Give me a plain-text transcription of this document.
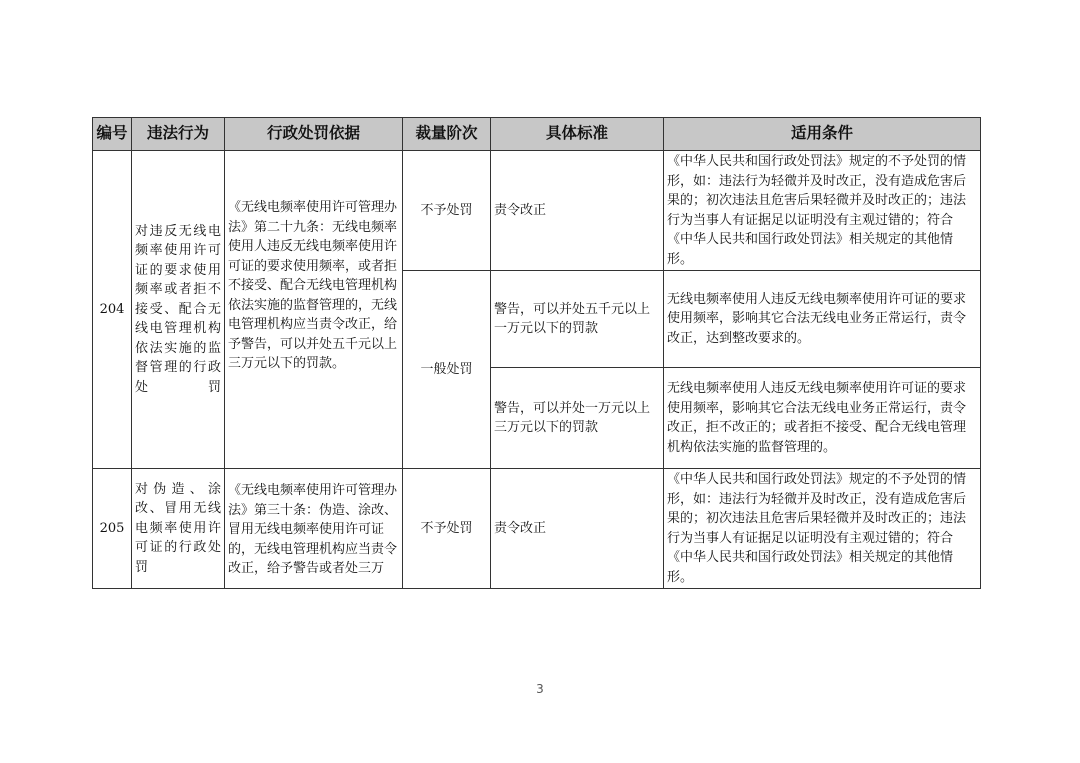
编号	违法行为	行政处罚依据	裁量阶次	具体标准	适用条件
204	对违反无线电频率使用许可证的要求使用频率或者拒不接受、配合无线电管理机构依法实施的监督管理的行政处罚	《无线电频率使用许可管理办法》第二十九条：无线电频率使用人违反无线电频率使用许可证的要求使用频率，或者拒不接受、配合无线电管理机构依法实施的监督管理的，无线电管理机构应当责令改正，给予警告，可以并处五千元以上三万元以下的罚款。	不予处罚	责令改正	《中华人民共和国行政处罚法》规定的不予处罚的情形，如：违法行为轻微并及时改正，没有造成危害后果的；初次违法且危害后果轻微并及时改正的；违法行为当事人有证据足以证明没有主观过错的；符合《中华人民共和国行政处罚法》相关规定的其他情形。
			一般处罚	警告，可以并处五千元以上一万元以下的罚款	无线电频率使用人违反无线电频率使用许可证的要求使用频率，影响其它合法无线电业务正常运行，责令改正，达到整改要求的。
				警告，可以并处一万元以上三万元以下的罚款	无线电频率使用人违反无线电频率使用许可证的要求使用频率，影响其它合法无线电业务正常运行，责令改正，拒不改正的；或者拒不接受、配合无线电管理机构依法实施的监督管理的。
205	对伪造、涂改、冒用无线电频率使用许可证的行政处罚	《无线电频率使用许可管理办法》第三十条：伪造、涂改、冒用无线电频率使用许可证的，无线电管理机构应当责令改正，给予警告或者处三万	不予处罚	责令改正	《中华人民共和国行政处罚法》规定的不予处罚的情形，如：违法行为轻微并及时改正，没有造成危害后果的；初次违法且危害后果轻微并及时改正的；违法行为当事人有证据足以证明没有主观过错的；符合《中华人民共和国行政处罚法》相关规定的其他情形。
3
